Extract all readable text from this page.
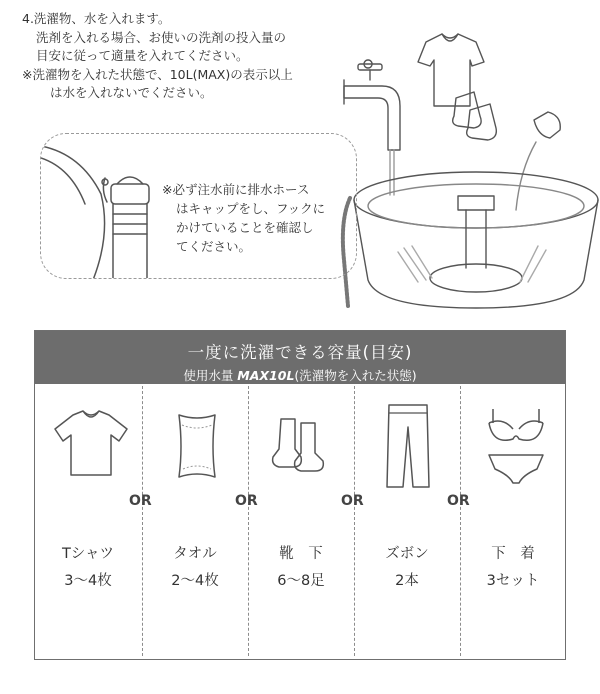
4.洗濯物、水を入れます。
洗剤を入れる場合、お使いの洗剤の投入量の
目安に従って適量を入れてください。
※洗濯物を入れた状態で、10L(MAX)の表示以上
は水を入れないでください。
※必ず注水前に排水ホース
はキャップをし、フックに
かけていることを確認し
てください。
一度に洗濯できる容量(目安)
使用水量 MAX10L(洗濯物を入れた状態)
OR	OR	OR	OR
Tシャツ	タオル	靴　下	ズボン	下　着
3〜4枚	2〜4枚	6〜8足	2本	3セット
